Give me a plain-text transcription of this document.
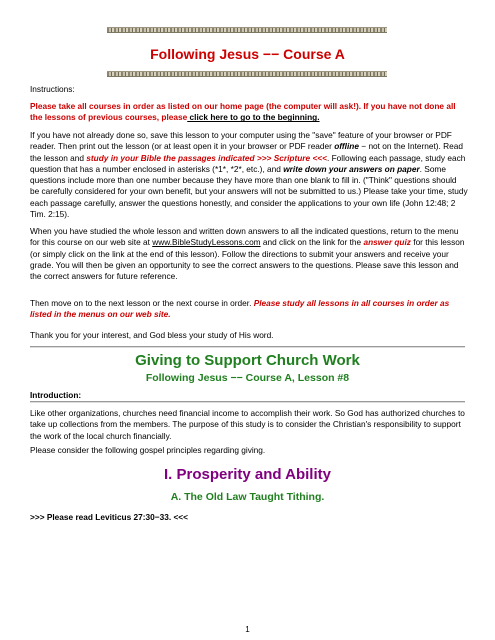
Following Jesus −− Course A

Instructions:

Please take all courses in order as listed on our home page (the computer will ask!). If you have not done all the lessons of previous courses, please click here to go to the beginning.

If you have not already done so, save this lesson to your computer using the "save" feature of your browser or PDF reader. Then print out the lesson (or at least open it in your browser or PDF reader offline − not on the Internet). Read the lesson and study in your Bible the passages indicated >>> Scripture <<<. Following each passage, study each question that has a number enclosed in asterisks (*1*, *2*, etc.), and write down your answers on paper. Some questions include more than one number because they have more than one blank to fill in. ("Think" questions should be carefully considered for your own benefit, but your answers will not be submitted to us.) Please take your time, study each passage carefully, answer the questions honestly, and consider the applications to your own life (John 12:48; 2 Tim. 2:15).

When you have studied the whole lesson and written down answers to all the indicated questions, return to the menu for this course on our web site at www.BibleStudyLessons.com and click on the link for the answer quiz for this lesson (or simply click on the link at the end of this lesson). Follow the directions to submit your answers and receive your grade. You will then be given an opportunity to see the correct answers to the questions. Please save this lesson and the correct answers for future reference.

Then move on to the next lesson or the next course in order. Please study all lessons in all courses in order as listed in the menus on our web site.

Thank you for your interest, and God bless your study of His word.

Giving to Support Church Work
Following Jesus −− Course A, Lesson #8

Introduction:

Like other organizations, churches need financial income to accomplish their work. So God has authorized churches to take up collections from the members. The purpose of this study is to consider the Christian's responsibility to support the work of the local church financially.

1

Please consider the following gospel principles regarding giving.

I. Prosperity and Ability
A. The Old Law Taught Tithing.

>>> Please read Leviticus 27:30−33. <<<
